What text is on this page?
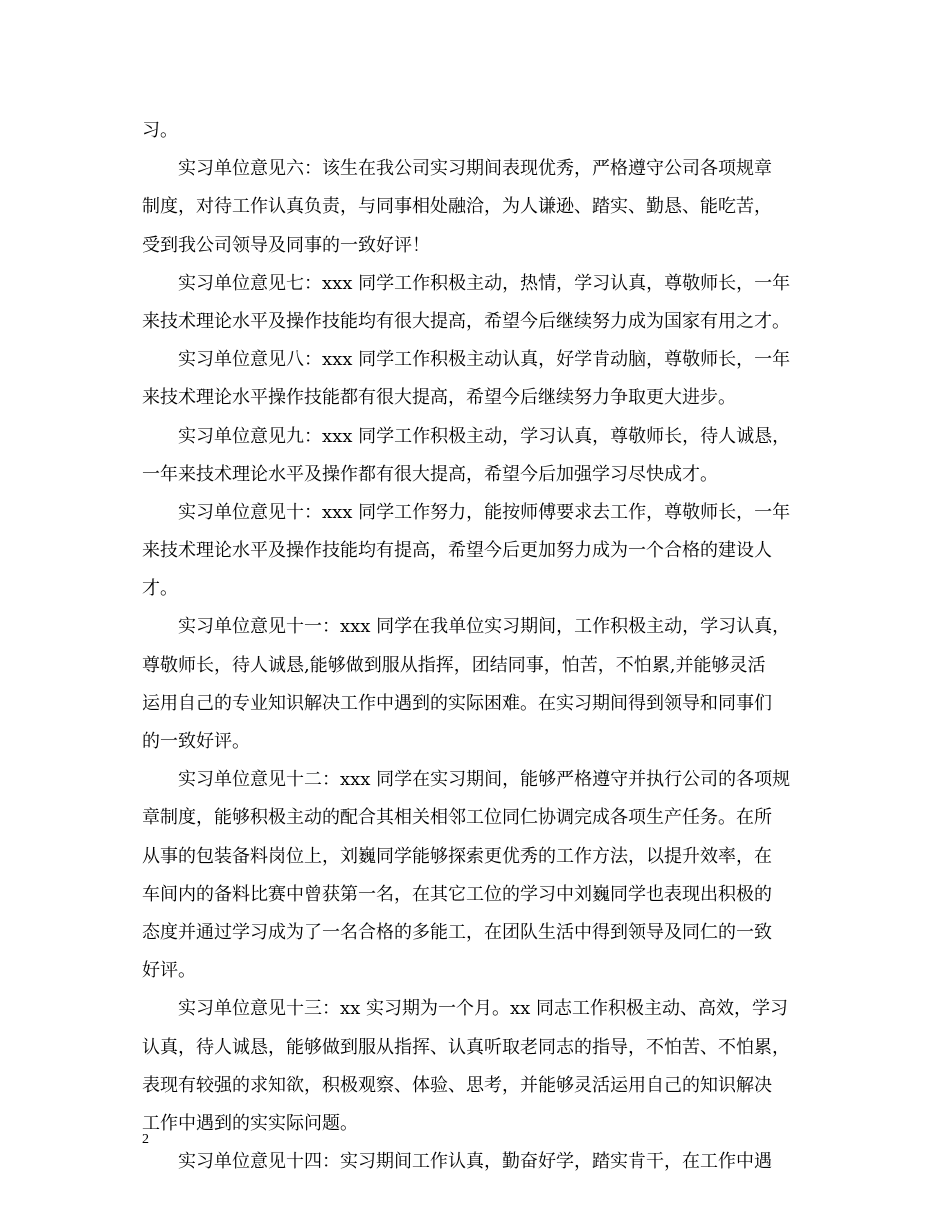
习。
实习单位意见六：该生在我公司实习期间表现优秀，严格遵守公司各项规章
制度，对待工作认真负责，与同事相处融洽，为人谦逊、踏实、勤恳、能吃苦，
受到我公司领导及同事的一致好评！
实习单位意见七：xxx 同学工作积极主动，热情，学习认真，尊敬师长，一年
来技术理论水平及操作技能均有很大提高，希望今后继续努力成为国家有用之才。
实习单位意见八：xxx 同学工作积极主动认真，好学肯动脑，尊敬师长，一年
来技术理论水平操作技能都有很大提高，希望今后继续努力争取更大进步。
实习单位意见九：xxx 同学工作积极主动，学习认真，尊敬师长，待人诚恳，
一年来技术理论水平及操作都有很大提高，希望今后加强学习尽快成才。
实习单位意见十：xxx 同学工作努力，能按师傅要求去工作，尊敬师长，一年
来技术理论水平及操作技能均有提高，希望今后更加努力成为一个合格的建设人
才。
实习单位意见十一：xxx 同学在我单位实习期间，工作积极主动，学习认真，
尊敬师长，待人诚恳,能够做到服从指挥，团结同事，怕苦，不怕累,并能够灵活
运用自己的专业知识解决工作中遇到的实际困难。在实习期间得到领导和同事们
的一致好评。
实习单位意见十二：xxx 同学在实习期间，能够严格遵守并执行公司的各项规
章制度，能够积极主动的配合其相关相邻工位同仁协调完成各项生产任务。在所
从事的包装备料岗位上，刘巍同学能够探索更优秀的工作方法，以提升效率，在
车间内的备料比赛中曾获第一名，在其它工位的学习中刘巍同学也表现出积极的
态度并通过学习成为了一名合格的多能工，在团队生活中得到领导及同仁的一致
好评。
实习单位意见十三：xx 实习期为一个月。xx 同志工作积极主动、高效，学习
认真，待人诚恳，能够做到服从指挥、认真听取老同志的指导，不怕苦、不怕累，
表现有较强的求知欲，积极观察、体验、思考，并能够灵活运用自己的知识解决
工作中遇到的实实际问题。
实习单位意见十四：实习期间工作认真，勤奋好学，踏实肯干，在工作中遇
2
